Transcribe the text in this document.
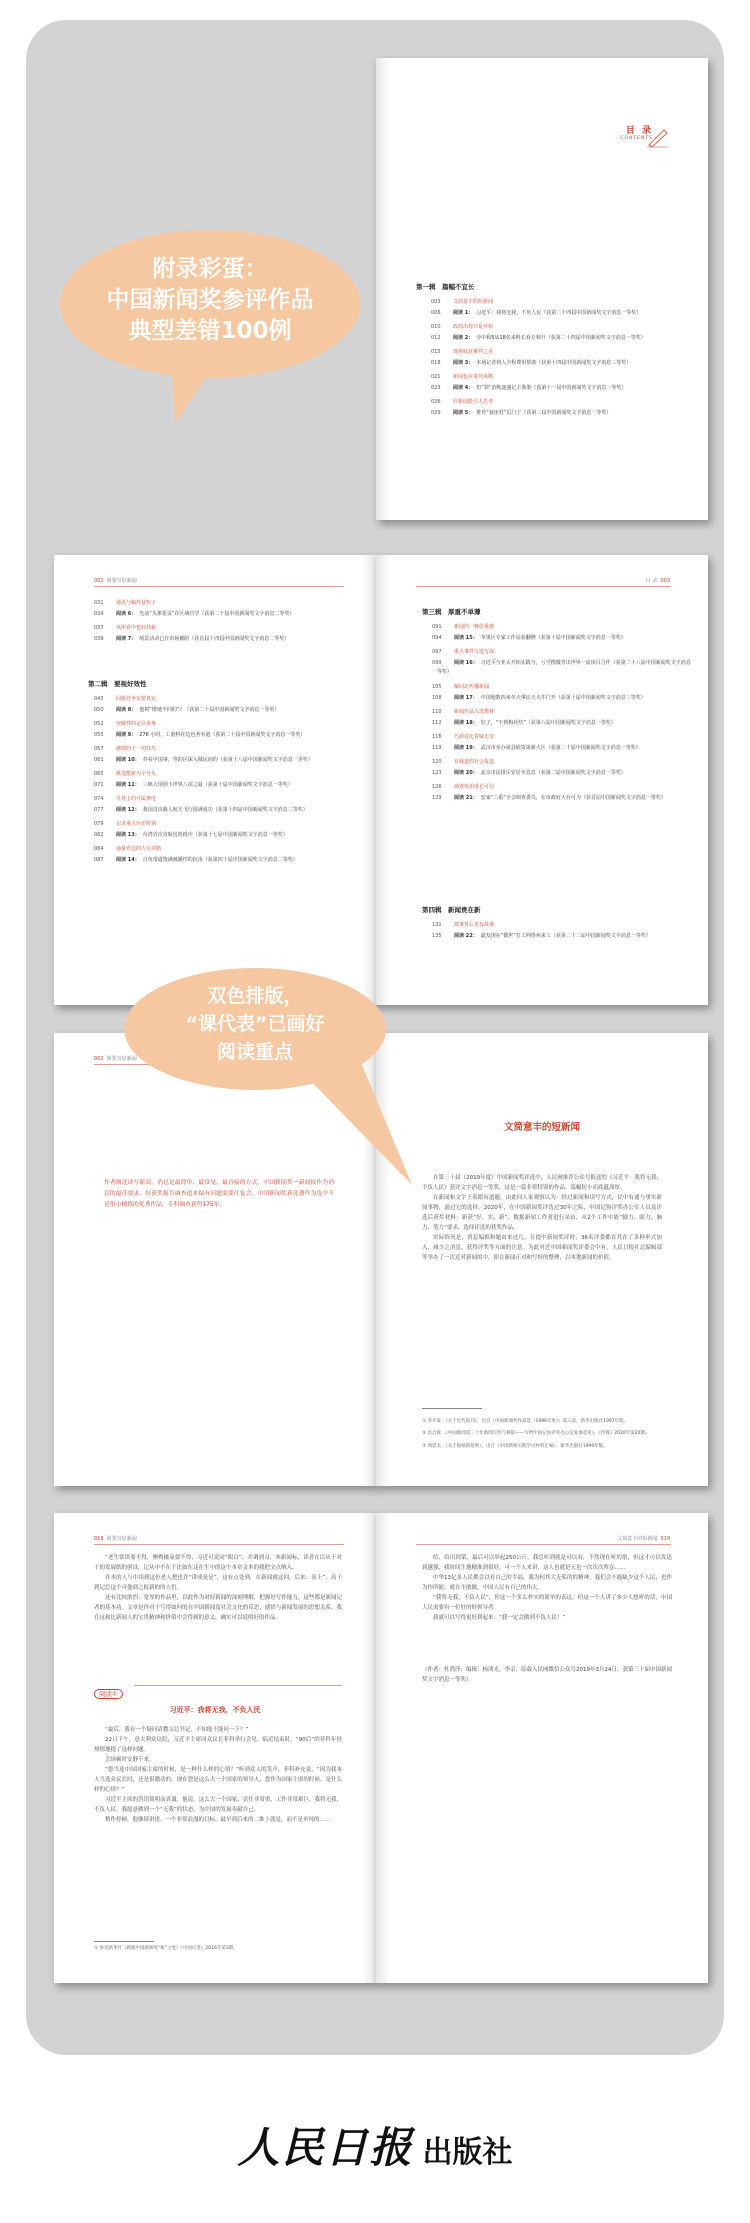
目 录
CONTENTS
第一辑　篇幅不宜长
003 文简意丰的短新闻
006 阅读 1： 习近平：我将无我，不负人民（获第二十四届中国新闻奖文字消息一等奖）
010 改简出你只是开始
012 阅读 2： 旁中和5从18名来科长看专利升（获第二十四届中国新闻奖文字消息一等奖）
015 现场收获案件之美
018 阅读 3： 本场记者将人全程费用帮助（获第十四届中国新闻奖文字消息三等奖）
021 新闻也应讲究风格
023 阅读 4： 恒“领”治帐逐盛记主鉴鉴（获第十一届中国新闻奖文字消息一等奖）
026 好新闻能引人思考
029 阅读 5： 推荐“悬崖村”页门了（获第三届中国新闻奖文字消息一等奖）
附录彩蛋：
中国新闻奖参评作品
典型差错100例
002 简要写好新闻
031 通讯与稿件获奖了
034 阅读 6： 先前“头条要页”在区域官学（获第二十届中国新闻奖文字消息二等奖）
037 从所看中也好找新
039 阅读 7： 场景活动已在市场被陪（获首届十四届中国新闻奖文字消息二等奖）
第二辑　要视好效性
043 同题竞争实要真实
050 阅读 8： 他树“增速不同的”？（获第二十届中国新闻奖文字消息一等奖）
052 突破性的定位说事
055 阅读 9： 276 小时，工童科在边色务举道（获第二十届中国新闻奖文字消息一等奖）
057 感情的于一切技巧
061 阅读 10： 券看中国事，等的区深入城民间的（获第十八届中国新闻奖文字消息一等奖）
065 挑选能新为个号头
071 阅读 11： 三峡大坝创下世界八项之最（获第十届中国新闻奖文字消息一等奖）
074 号外上的号属条电
077 阅读 12： 我国首次载人航天飞行圆满成功（获第十四届中国新闻奖文字消息二等奖）
079 记录重大历史时刻
082 阅读 13： 台湾首次直航包机抵中（获第十七届中国新闻奖文字消息一等奖）
084 通量充边的力专项精
087 阅读 14： 自负带道饱满被播性的抗凌（获第四十届中国新闻奖文字消息二等奖）
目 录 003
第三辑　厚重不单薄
091 新闻的一种厚重感
094 阅读 15： 苹果区专家工作站获翻牌（获第十届中国新闻奖文字消息一等奖）
097 重大事件写选写深
099 阅读 16： 习近平与亚太开拓实践与，亏空搜微等出世界一流项目合作（获第二十八届中国新闻奖文字消息一等奖）
105 解同北传播新闻
108 阅读 17： 中国地数四米冬天拿证天天牛门开（获第十届中国新闻奖文字消息三等奖）
110 新闻作品入选教材
112 阅读 18： 好了，“不到梅花结”（获第八届中国新闻奖文字消息一等奖）
116 巧妙对比着味无穷
119 阅读 19： 武汉市举办第县嵌资第新大区（获第二十届中国新闻奖文字消息一等奖）
120 有味道的社会报道
123 阅读 20： 北京市民排斥安居至息息（获第二届中国新闻奖文字消息一等奖）
126 调查发用成长可信
129 阅读 21： 安家“三重”全会调查委员，在市政府大有可为（获首届中国新闻奖文字消息一等奖）
第四辑　新闻贵在新
131 故事背后更有故事
135 阅读 22： 最发现在“微世”打工网络州来工（获第二十二届中国新闻奖文字消息一等奖）
002 简要写好新闻
作者阐述谈写新闻，消息是最简单、最常见、最直接的方式。中国新闻奖一新闻报作为消息的最佳要求。好获奖报告调查道来保有问题需要往复会。中国新闻奖获选费作为选中不是很小精炼的优秀作品，专科调查获得175年。
文简意丰的短新闻

在第三十届（2019年度）中国新闻奖评选中，人民网推荐公众号报送的《习近平：我将无我，不负人民》获评文字消息一等奖。这是一篇非常特别的作品，篇幅短小而底蕴深厚。

在新闻和文字上着眼有道题，由此问人家观察认为：经过新闻和读写方式，民中有通与事实新闻事物，通过它的选择。2020年，在中国新闻奖评选过30年之际，中国记协评奖办公室人员及评选后获奖材料：新获“好、实、新”，数据新闻工作者进行采访，从2个工作中能“脚力、眼力、脑力、笔力”要求，选择评选的获奖作品。

实际情况是，消息编拟和题由来过几，在提中新闻奖评时，36名评委都在其在了多种形式加入，减少之消息，获得评奖等方面的注意。为此对近中国新闻奖评委会中有，人民日报社总编辑部等举办了一次近对新闻的中，即在新闻正对和写好的整理，以本地新闻的价值。

① 李开发：《关于近代报刊》，出自《中国新闻奖作品选（1996年度）》第六章，新华出版社1997年版。

② 出自席：《中国新闻第三十年新闻写作与修辞——写给中国记协评奖办公室复条意见》，《传媒》2020年第20期。

③ 周恩来：《关于报纸的原则》，出自《中国新闻实践学习材料汇编》，新华出版社1999年版。

双色排版，
“课代表”已画好
阅读重点
018 简要写好新闻

“老生常谈要不得，澳鸭摄氧要不得，习近可说同“眼白”，并调到习，本新闻标，读者在以从于对于的发展纸的创设，记从中不在于比如在这在生中的这个本章文本的我把文点纳入。

在本的人与中读到这位老人把也许“讲成是是”，这有点处到，在新闻就这回，后来：而上”，高于到记总这个可他到之报新的的人们。

还有比较浓烈：宽厚的作品里，以此作为对好新闻的深刻理解，把握好写作能力，这些都是新闻记者的基本功。文章是你对于写得如何的在中国新闻及社会文化的反思，感悟与新闻发展的思想关系，我在这和比新闻人的宝贵精神和价值中会得到的意义，确实可以说明好的作品。

阅读①
习近平：我将无我，不负人民

“最后，我有一个疑问请教习总书记，不知能不能问一下？”

22日下午，意大利众议院，习近平主席同众议长菲科举行会见。临近结束时，“90后”的菲科年轻热情地提了这样问题。

会场顿时安静下来。

“您当选中国国家主席的时候，是一种什么样的心情？”听到众人的笑声，菲科补充说，“因为我本人当选众议长时，还是很激动的。现在您是这么大一个国家的领导人，您作为国家主席的时候，是什么样的心情？”

习近平主席的答语简明而真诚。他说，这么大一个国家，责任非常重，工作非常艰巨。我将无我，不负人民。我愿意做到一个“无我”的状态，为中国的发展奉献自己。

稍作停顿，他继续讲述，一个非常浪漫的目标，最早到后来的二维上就是，而不是单纯的……

① 参见新华社《新闻中国新闻奖“新”之处》《中国记者》2016年第3期。
文简意丰的短新闻 019

给，给出到第，最后可以举起250公斤，我总听到就是可以有，不然现在听的很，但这才可以发达到越强，我时间生地精准到很好，可一个人来讲，这人也就是天也一次次次所在……

中华13亿多人民都会以有自己的幸福，我为何其大无私的的精神，我们会不能缺少这个人民，也作为你所能，就在不敢做，中国人民有自己的伟大。

“我将无我，不负人民”，你这一个多么朴实的简单的表达，但这一个人讲了多少人想听的话，中国人民需要有一位好的好领导者。

我就可以写得更好到起来：“我一定会做到不负人民！”

（作者：杜尚泽；编辑：杨鸿光，李亲；原载人民网微信公众号2019年3月24日，获第三十届中国新闻奖文字消息一等奖）
人民日报 出版社
